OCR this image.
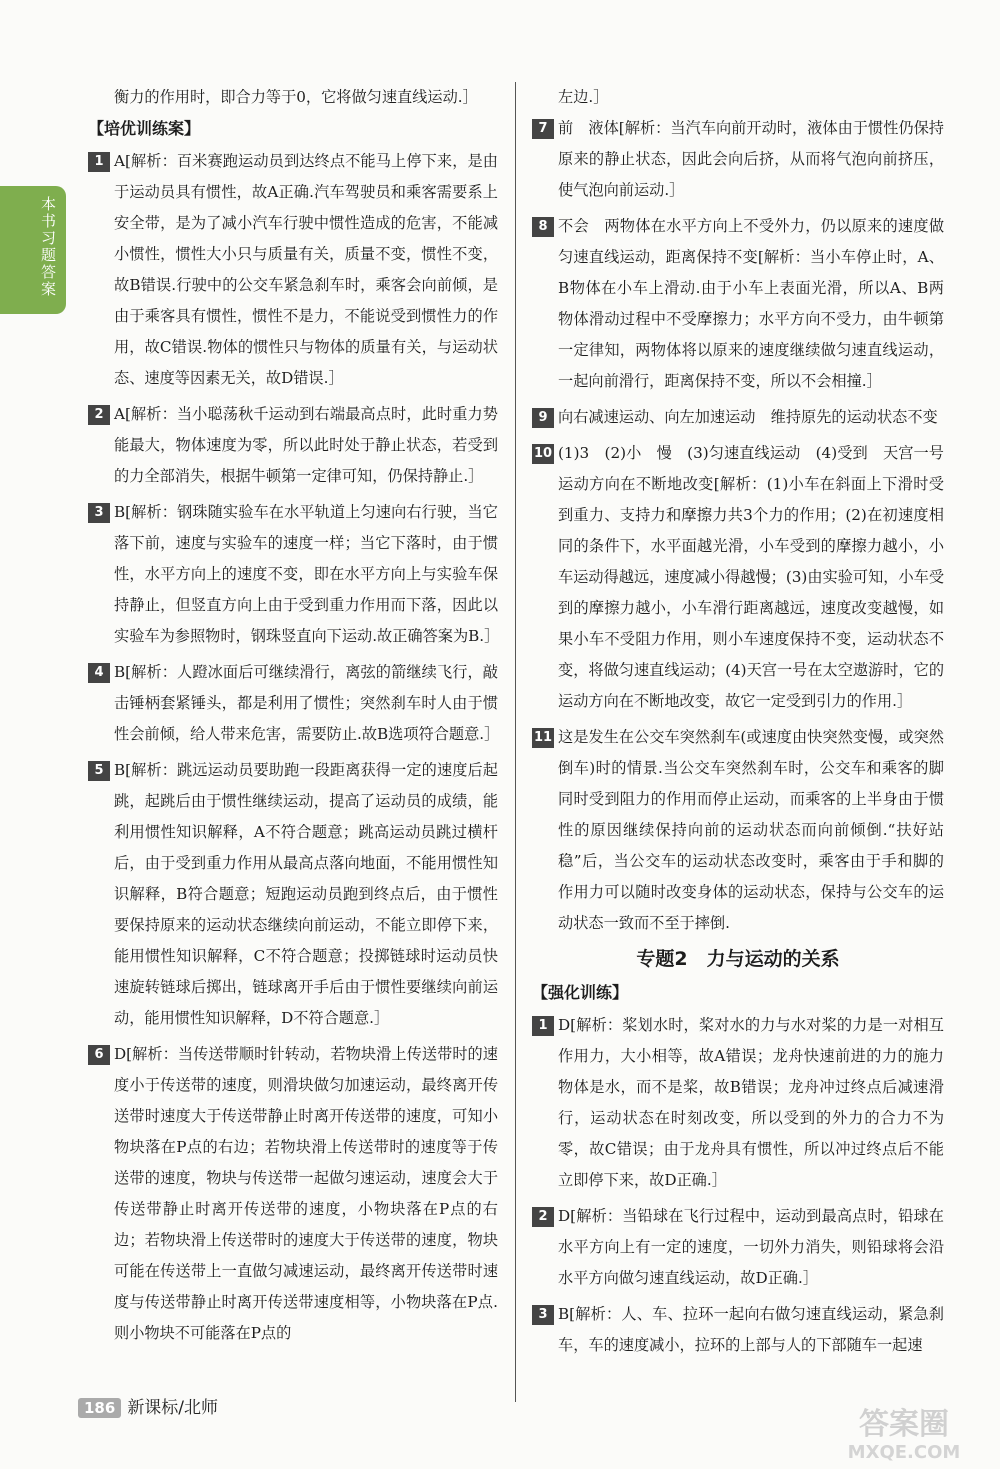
本书习题答案

衡力的作用时，即合力等于0，它将做匀速直线运动.］

【培优训练案】

1 A[解析：百米赛跑运动员到达终点不能马上停下来，是由于运动员具有惯性，故A正确.汽车驾驶员和乘客需要系上安全带，是为了减小汽车行驶中惯性造成的危害，不能减小惯性，惯性大小只与质量有关，质量不变，惯性不变，故B错误.行驶中的公交车紧急刹车时，乘客会向前倾，是由于乘客具有惯性，惯性不是力，不能说受到惯性力的作用，故C错误.物体的惯性只与物体的质量有关，与运动状态、速度等因素无关，故D错误.］
2 A[解析：当小聪荡秋千运动到右端最高点时，此时重力势能最大，物体速度为零，所以此时处于静止状态，若受到的力全部消失，根据牛顿第一定律可知，仍保持静止.］
3 B[解析：钢珠随实验车在水平轨道上匀速向右行驶，当它落下前，速度与实验车的速度一样；当它下落时，由于惯性，水平方向上的速度不变，即在水平方向上与实验车保持静止，但竖直方向上由于受到重力作用而下落，因此以实验车为参照物时，钢珠竖直向下运动.故正确答案为B.］
4 B[解析：人蹬冰面后可继续滑行，离弦的箭继续飞行，敲击锤柄套紧锤头，都是利用了惯性；突然刹车时人由于惯性会前倾，给人带来危害，需要防止.故B选项符合题意.］
5 B[解析：跳远运动员要助跑一段距离获得一定的速度后起跳，起跳后由于惯性继续运动，提高了运动员的成绩，能利用惯性知识解释，A不符合题意；跳高运动员跳过横杆后，由于受到重力作用从最高点落向地面，不能用惯性知识解释，B符合题意；短跑运动员跑到终点后，由于惯性要保持原来的运动状态继续向前运动，不能立即停下来，能用惯性知识解释，C不符合题意；投掷链球时运动员快速旋转链球后掷出，链球离开手后由于惯性要继续向前运动，能用惯性知识解释，D不符合题意.］
6 D[解析：当传送带顺时针转动，若物块滑上传送带时的速度小于传送带的速度，则滑块做匀加速运动，最终离开传送带时速度大于传送带静止时离开传送带的速度，可知小物块落在P点的右边；若物块滑上传送带时的速度等于传送带的速度，物块与传送带一起做匀速运动，速度会大于传送带静止时离开传送带的速度，小物块落在P点的右边；若物块滑上传送带时的速度大于传送带的速度，物块可能在传送带上一直做匀减速运动，最终离开传送带时速度与传送带静止时离开传送带速度相等，小物块落在P点.则小物块不可能落在P点的

左边.］

7 前　液体[解析：当汽车向前开动时，液体由于惯性仍保持原来的静止状态，因此会向后挤，从而将气泡向前挤压，使气泡向前运动.］
8 不会　两物体在水平方向上不受外力，仍以原来的速度做匀速直线运动，距离保持不变[解析：当小车停止时，A、B物体在小车上滑动.由于小车上表面光滑，所以A、B两物体滑动过程中不受摩擦力；水平方向不受力，由牛顿第一定律知，两物体将以原来的速度继续做匀速直线运动，一起向前滑行，距离保持不变，所以不会相撞.］
9 向右减速运动、向左加速运动　维持原先的运动状态不变
10 (1)3　(2)小　慢　(3)匀速直线运动　(4)受到　天宫一号运动方向在不断地改变[解析：(1)小车在斜面上下滑时受到重力、支持力和摩擦力共3个力的作用；(2)在初速度相同的条件下，水平面越光滑，小车受到的摩擦力越小，小车运动得越远，速度减小得越慢；(3)由实验可知，小车受到的摩擦力越小，小车滑行距离越远，速度改变越慢，如果小车不受阻力作用，则小车速度保持不变，运动状态不变，将做匀速直线运动；(4)天宫一号在太空遨游时，它的运动方向在不断地改变，故它一定受到引力的作用.］
11 这是发生在公交车突然刹车(或速度由快突然变慢，或突然倒车)时的情景.当公交车突然刹车时，公交车和乘客的脚同时受到阻力的作用而停止运动，而乘客的上半身由于惯性的原因继续保持向前的运动状态而向前倾倒.“扶好站稳”后，当公交车的运动状态改变时，乘客由于手和脚的作用力可以随时改变身体的运动状态，保持与公交车的运动状态一致而不至于摔倒.

专题2　力与运动的关系

【强化训练】

1 D[解析：桨划水时，桨对水的力与水对桨的力是一对相互作用力，大小相等，故A错误；龙舟快速前进的力的施力物体是水，而不是桨，故B错误；龙舟冲过终点后减速滑行，运动状态在时刻改变，所以受到的外力的合力不为零，故C错误；由于龙舟具有惯性，所以冲过终点后不能立即停下来，故D正确.］
2 D[解析：当铅球在飞行过程中，运动到最高点时，铅球在水平方向上有一定的速度，一切外力消失，则铅球将会沿水平方向做匀速直线运动，故D正确.］
3 B[解析：人、车、拉环一起向右做匀速直线运动，紧急刹车，车的速度减小，拉环的上部与人的下部随车一起速
186 新课标/北师	答案圈
MXQE.COM
